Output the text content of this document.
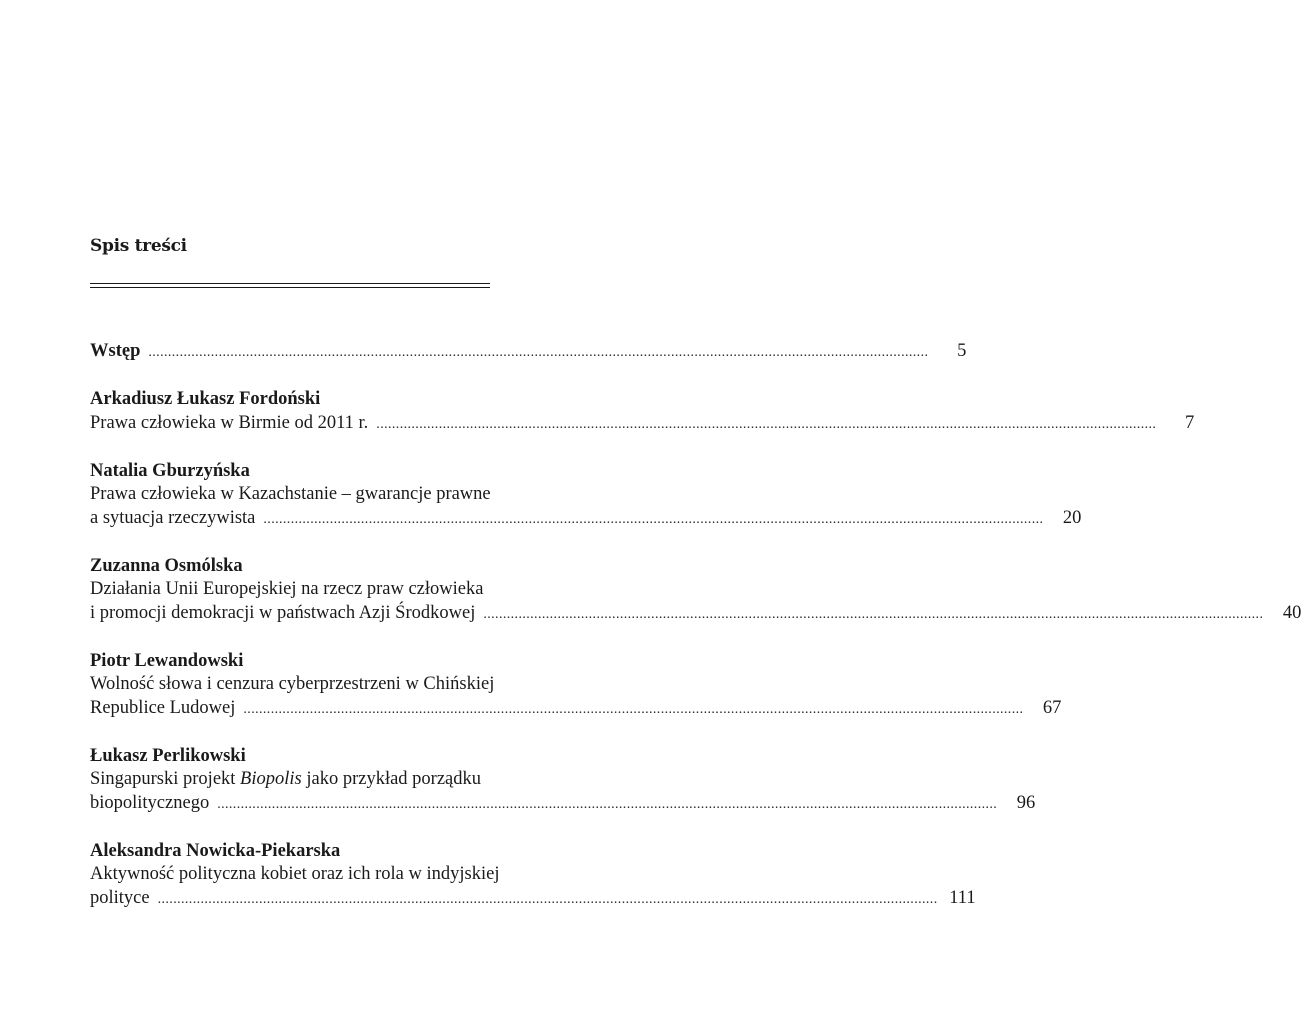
Spis treści
Wstęp ........................................................................................................................................................................................................	5
Arkadiusz Łukasz Fordoński
Prawa człowieka w Birmie od 2011 r. ........................................................................................................................................................................................................	7
Natalia Gburzyńska
Prawa człowieka w Kazachstanie – gwarancje prawne
a sytuacja rzeczywista ........................................................................................................................................................................................................	20
Zuzanna Osmólska
Działania Unii Europejskiej na rzecz praw człowieka
i promocji demokracji w państwach Azji Środkowej ........................................................................................................................................................................................................	40
Piotr Lewandowski
Wolność słowa i cenzura cyberprzestrzeni w Chińskiej
Republice Ludowej ........................................................................................................................................................................................................	67
Łukasz Perlikowski
Singapurski projekt Biopolis jako przykład porządku
biopolitycznego ........................................................................................................................................................................................................	96
Aleksandra Nowicka-Piekarska
Aktywność polityczna kobiet oraz ich rola w indyjskiej
polityce ........................................................................................................................................................................................................ 111
